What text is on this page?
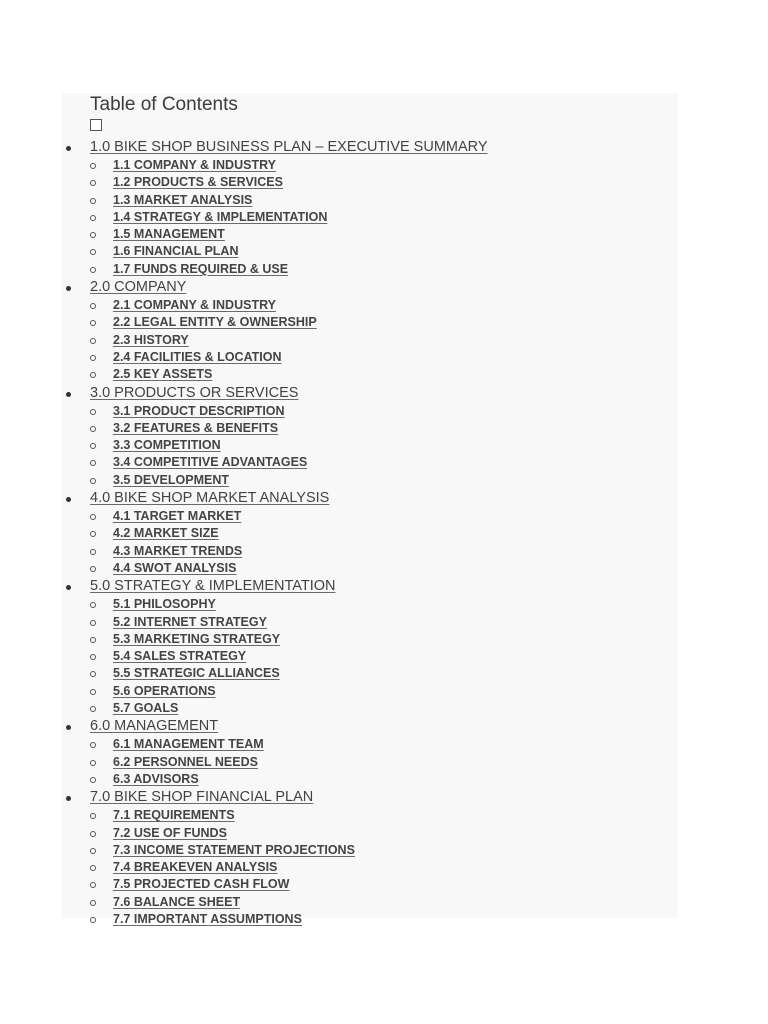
Table of Contents
1.0 BIKE SHOP BUSINESS PLAN – EXECUTIVE SUMMARY
1.1 COMPANY & INDUSTRY
1.2 PRODUCTS & SERVICES
1.3 MARKET ANALYSIS
1.4 STRATEGY & IMPLEMENTATION
1.5 MANAGEMENT
1.6 FINANCIAL PLAN
1.7 FUNDS REQUIRED & USE
2.0 COMPANY
2.1 COMPANY & INDUSTRY
2.2 LEGAL ENTITY & OWNERSHIP
2.3 HISTORY
2.4 FACILITIES & LOCATION
2.5 KEY ASSETS
3.0 PRODUCTS OR SERVICES
3.1 PRODUCT DESCRIPTION
3.2 FEATURES & BENEFITS
3.3 COMPETITION
3.4 COMPETITIVE ADVANTAGES
3.5 DEVELOPMENT
4.0 BIKE SHOP MARKET ANALYSIS
4.1 TARGET MARKET
4.2 MARKET SIZE
4.3 MARKET TRENDS
4.4 SWOT ANALYSIS
5.0 STRATEGY & IMPLEMENTATION
5.1 PHILOSOPHY
5.2 INTERNET STRATEGY
5.3 MARKETING STRATEGY
5.4 SALES STRATEGY
5.5 STRATEGIC ALLIANCES
5.6 OPERATIONS
5.7 GOALS
6.0 MANAGEMENT
6.1 MANAGEMENT TEAM
6.2 PERSONNEL NEEDS
6.3 ADVISORS
7.0 BIKE SHOP FINANCIAL PLAN
7.1 REQUIREMENTS
7.2 USE OF FUNDS
7.3 INCOME STATEMENT PROJECTIONS
7.4 BREAKEVEN ANALYSIS
7.5 PROJECTED CASH FLOW
7.6 BALANCE SHEET
7.7 IMPORTANT ASSUMPTIONS
